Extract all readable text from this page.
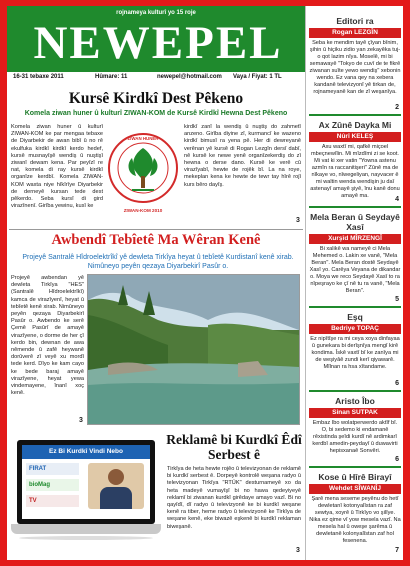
rojnameya kulturî yo 15 roje
NEWEPEL
16-31 tebaxe 2011	Hûmare: 11	newepel@hotmail.com Vaya / Fiyat: 1 TL
Kursê Kirdkî Dest Pêkeno
Komela ziwan huner û kulturî ZIWAN-KOM de Kursê Kirdkî Hewna Dest Pêkeno

Komela ziwan huner û kulturî ZIWAN-KOM ke par mengaa tebaxe de Diyarbekir de awan bibî û no rê ekulfuka kirdkî kirdkî kerdo hedef, kursê musnayîşê wendiş û nuştişî ziwanî dewam kena. Par peyîzî re nat, komela di ray kursê kirdkî organîze kerdbî. Komela ZIWAN-KOM waxta niye hîkîrîye Diyarbekir de derneyê kursan tede dest pêkerdo. Seba kursî di gird virazînenî. Girîba yewinu, kusî ke

ZIWAN HUNER
ZIWAN-KOM 2010

kirdkî zanî la wendiş û nuştiş do zahmetî anzeno. Girîba diyine zî, kurmancî ke wazeno kirdkî bimusî ra yena pê. Her di dewreyanê verênan yê kursê di Rogan Lezgîn dersî dabî, nê kursê ke newe yenê organîzekerdiş do zî hewna o derse dano. Kursê ke verê cû virazîyabî, hewte de rojêk bî. La na roye, mekeplan kena ke hewte de tewr tay hîrê rojî kurs bêro dayîş.

3
Awbendî Tebîetê Ma Wêran Kenê
Projeyê Santralê Hîdroelektrîkî yê dewleta Tirkîya heyat û tebîetê Kurdistanî kenê xirab. Nimûneyo peyên qezaya Diyarbekirî Pasûr o.

Projeyê awbendan yê dewleta Tirkîya "HES" (Santralê Hîdroelektrîkî) kamca de virazîyenî, heyat û tebîetê kenê xirab. Nimûneyo peyên qezaya Diyarbekirî Pasûr o. Awbendo ke serê Çemê Pasûrî de amayê virazîyene, o dorme de her çî kerdo bin, dewnan de awa nêmende û zafê heywanê dorûverê zî veyê xu mordî tede kerd. Dîyo ke kam cayo ke bede baraj amayê virazîyene, heyat yewa vindemayene, înanî xoç kenê.

3
Ez Bi Kurdkî Vindi Nebo
FIRAT
bioMag
TV
Reklamê bi Kurdkî Êdî Serbest ê

Tirkîya de heta hewte rojêo û televizyonan de reklamê bi kurdkî serbest ê. Dorpeyê kontrolê weşana radyo û televizyonan Tirkîya "RTÜK" desturnameyê xo da heta madeyê vumayîşî bi no hawa qedeyiyeyê reklamî bi ziwanan kurdkî girêdaye amayo vazî. Bi no qayîdî, dî radyo û televizyonê ke bi kurdkî weşane kenê ra tiber, heme radyo û televizyonê ke Tirkîya de weşane kenê, eke biwazê eşkenê bi kurdkî reklaman biweşanê.

3
Editori ra
Rogan LEZGÎN
Seba ke mendim tayê çîyan bînim, şihin û hiçiku zidio yan zekayêka tuj-o qot lazim nîya. Moselê, mi bi semawayê "Tokyo de cuvî de te fikrê ziwanan suîte yewo wendiş" xebonin wendo. Ez vana qey na xebera kandanê televizyonî yê tirkan de, rojnameyanê kan de zî weşanîya.
2
Ax Zûnê Dayka Mi
Nûrî KELEŞ
Axu waxtî mi, qafkê miçoel mbeçnewîlin. Mi mîzdîmi zi se koot. Mi vat ki xer vatin "Yowna astenu azmîn ra raccanitişeri" Zûnê ma de nîkaye vo, nîwegeliyan, nayvacer ê mi waltin wenda wendişin ju daî astenayî amayê şiyê, înu kanê donu amayê ma.	4
Mela Beran û Seydayê Xasî
Xurşîd MÎRZENGÎ
Bi xalikê wa nameyê ci Mela Mehemed o. Lakin xe vanê, "Mela Beran". Mela Beran dostê Seydayê Xasî yo. Carêya Veyana de dikandar o. Moya we reco Seydayê Xasî to ra nîpeşrayo ke çî nê tu ra vanê, "Mela Beran".
5
Eşq
Bedriye TOPAÇ
Ez nipîtîşe ra mi ceya xoya dinfayaa û gunekara bi derîşnîya mengî kirê kondima. Îskê vaxtî bî ke zanîya mi de weşiyâê zundi kerî qiyawarê. Mîlnan ra hsa xîtandame.
6
Aristo Îbo
Sinan SUTPAK
Embaz Îbo wolatperwerdo aktîf bî. O, bi sedemo ki endamanê rêxistinda şeîdi kurdî nê ardimkarî kerdbî amedin-peydayî û duwavirti hepisxanaê Sonvêri.
6
Kose û Hîrê Birayî
Wehdet SÎWANÎJ
Şarê mena seseme peyênu do hetî dewletanî kotonyalîstan ra zaf sewtya, xoyrê û Tirkîyo vo şilîye. Nika ez qime vî yow mesela vazî. Na mesela hal û oweşe şarêma û dewletanê kolonyalîstan zaf hol fesenena.
7
